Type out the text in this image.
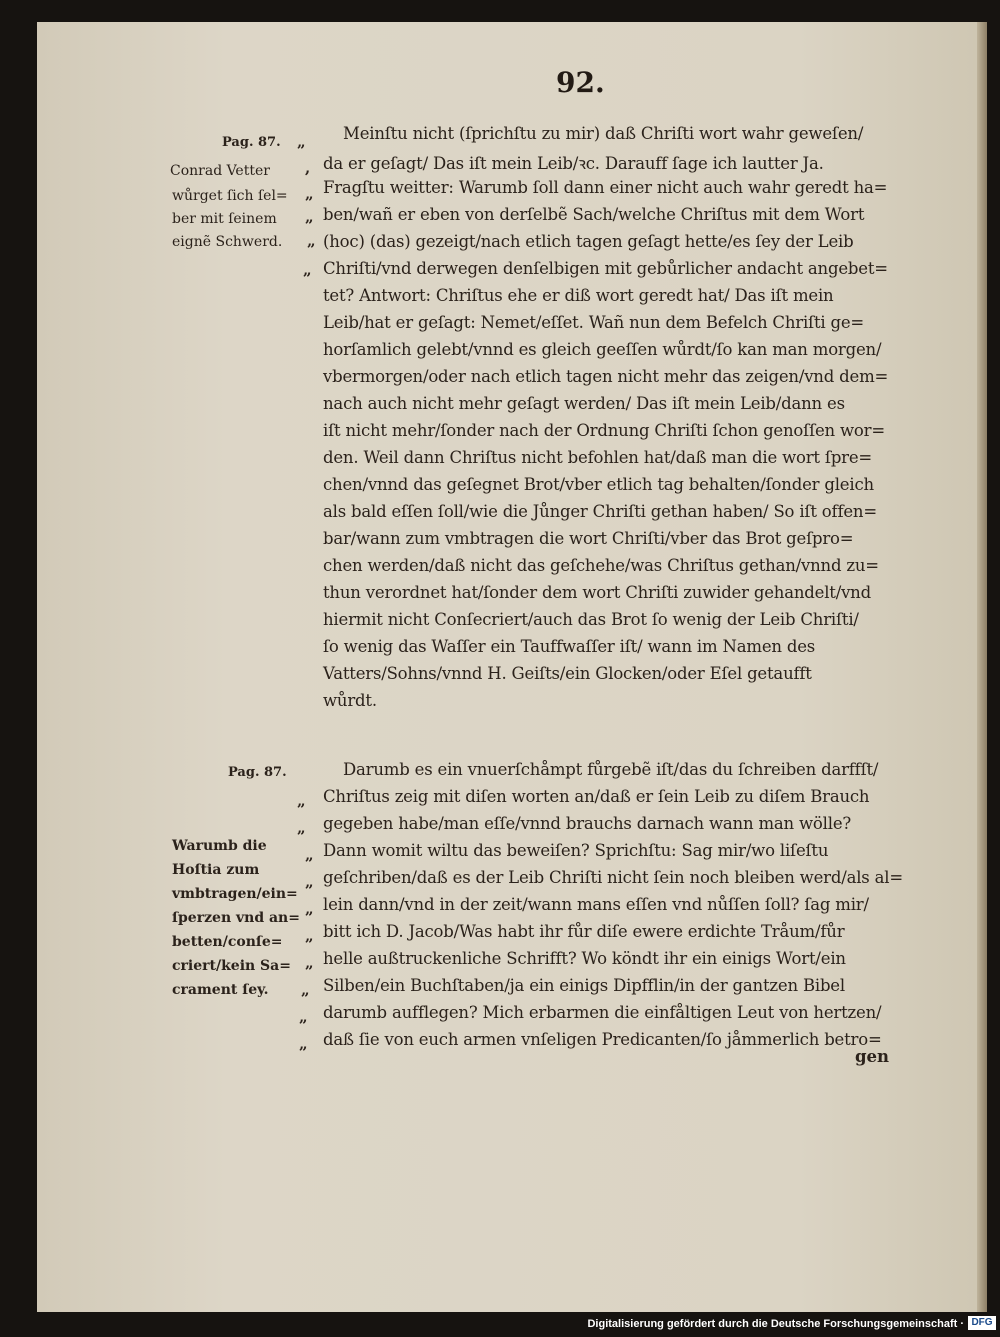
92.
Pag. 87.
Conrad Vetter
wůrget ſich ſel=
ber mit ſeinem
eignẽ Schwerd.
„
,
„
„
„
„
Meinſtu nicht (ſprichſtu zu mir) daß Chriſti wort wahr geweſen/
da er geſagt/ Das iſt mein Leib/ꝛc. Darauff ſage ich lautter Ja.
Fragſtu weitter: Warumb ſoll dann einer nicht auch wahr geredt ha=
ben/wañ er eben von derſelbẽ Sach/welche Chriſtus mit dem Wort
(hoc) (das) gezeigt/nach etlich tagen geſagt hette/es ſey der Leib
Chriſti/vnd derwegen denſelbigen mit gebůrlicher andacht angebet=
tet? Antwort: Chriſtus ehe er diß wort geredt hat/ Das iſt mein
Leib/hat er geſagt: Nemet/eſſet. Wañ nun dem Befelch Chriſti ge=
horſamlich gelebt/vnnd es gleich geeſſen wůrdt/ſo kan man morgen/
vbermorgen/oder nach etlich tagen nicht mehr das zeigen/vnd dem=
nach auch nicht mehr geſagt werden/ Das iſt mein Leib/dann es
iſt nicht mehr/ſonder nach der Ordnung Chriſti ſchon genoſſen wor=
den. Weil dann Chriſtus nicht befohlen hat/daß man die wort ſpre=
chen/vnnd das geſegnet Brot/vber etlich tag behalten/ſonder gleich
als bald eſſen ſoll/wie die Jůnger Chriſti gethan haben/ So iſt offen=
bar/wann zum vmbtragen die wort Chriſti/vber das Brot geſpro=
chen werden/daß nicht das geſchehe/was Chriſtus gethan/vnnd zu=
thun verordnet hat/ſonder dem wort Chriſti zuwider gehandelt/vnd
hiermit nicht Conſecriert/auch das Brot ſo wenig der Leib Chriſti/
ſo wenig das Waſſer ein Tauffwaſſer iſt/ wann im Namen des
Vatters/Sohns/vnnd H. Geiſts/ein Glocken/oder Eſel getaufft
wůrdt.
Pag. 87.
Warumb die
Hoſtia zum
vmbtragen/ein=
ſperzen vnd an=
betten/conſe=
criert/kein Sa=
crament ſey.
„
„
„
„
„
„
„
„
„
„
Darumb es ein vnuerſchåmpt fůrgebẽ iſt/das du ſchreiben darffſt/
Chriſtus zeig mit diſen worten an/daß er ſein Leib zu diſem Brauch
gegeben habe/man eſſe/vnnd brauchs darnach wann man wölle?
Dann womit wiltu das beweiſen? Sprichſtu: Sag mir/wo liſeſtu
geſchriben/daß es der Leib Chriſti nicht ſein noch bleiben werd/als al=
lein dann/vnd in der zeit/wann mans eſſen vnd nůſſen ſoll? ſag mir/
bitt ich D. Jacob/Was habt ihr fůr diſe ewere erdichte Tråum/fůr
helle außtruckenliche Schrifft? Wo köndt ihr ein einigs Wort/ein
Silben/ein Buchſtaben/ja ein einigs Dipfflin/in der gantzen Bibel
darumb aufflegen? Mich erbarmen die einfåltigen Leut von hertzen/
daß ſie von euch armen vnſeligen Predicanten/ſo jåmmerlich betro=
gen
Digitalisierung gefördert durch die Deutsche Forschungsgemeinschaft · DFG
